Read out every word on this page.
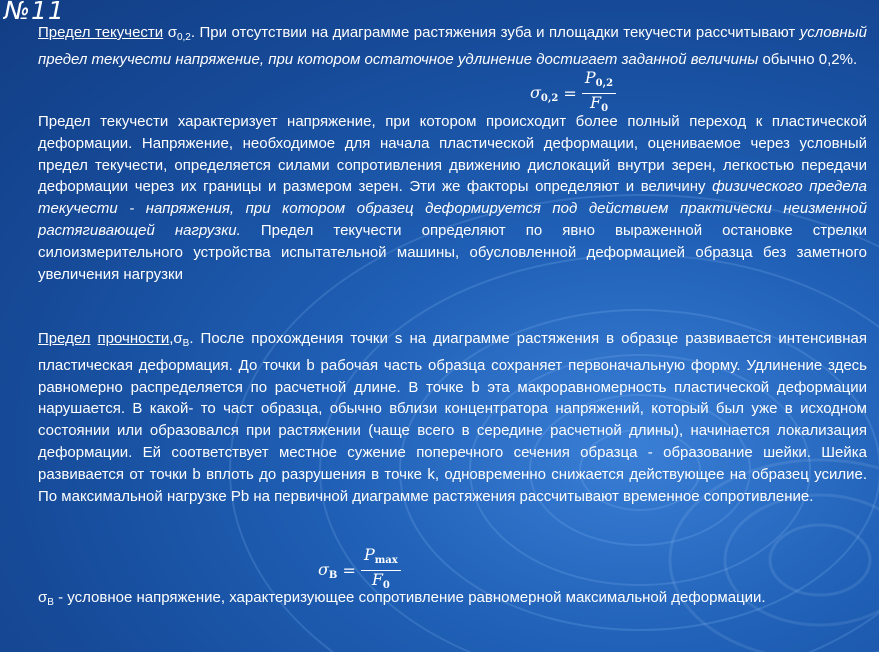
№11
Предел текучести $\sigma_{0,2}$. При отсутствии на диаграмме растяжения зуба и площадки текучести рассчитывают условный предел текучести напряжение, при котором остаточное удлинение достигает заданной величины обычно 0,2%.
$\sigma 0,2 = \frac{P0,2}{F0}$
Предел текучести характеризует напряжение, при котором происходит более полный переход к пластической деформации. Напряжение, необходимое для начала пластической деформации, оцениваемое через условный предел текучести, определяется силами сопротивления движению дислокаций внутри зерен, легкостью передачи деформации через их границы и размером зерен. Эти же факторы определяют и величину физического предела текучести - напряжения, при котором образец деформируется под действием практически неизменной растягивающей нагрузки. Предел текучести определяют по явно выраженной остановке стрелки силоизмерительного устройства испытательной машины, обусловленной деформацией образца без заметного увеличения нагрузки
Предел $прочности,\sigma_В$. После прохождения точки s на диаграмме растяжения в образце развивается интенсивная пластическая деформация. До точки b рабочая часть образца сохраняет первоначальную форму. Удлинение здесь равномерно распределяется по расчетной длине. В точке b эта макроравномерность пластической деформации нарушается. В какой- то част образца, обычно вблизи концентратора напряжений, который был уже в исходном состоянии или образовался при растяжении (чаще всего в середине расчетной длины), начинается локализация деформации. Ей соответствует местное сужение поперечного сечения образца - образование шейки. Шейка развивается от точки b вплоть до разрушения в точке k, одновременно снижается действующее на образец усилие. По максимальной нагрузке Pb на первичной диаграмме растяжения рассчитывают временное сопротивление.
$\sigma В = \frac{Pmax}{F0}$
$\sigma_B$ - условное напряжение, характеризующее сопротивление равномерной максимальной деформации.
